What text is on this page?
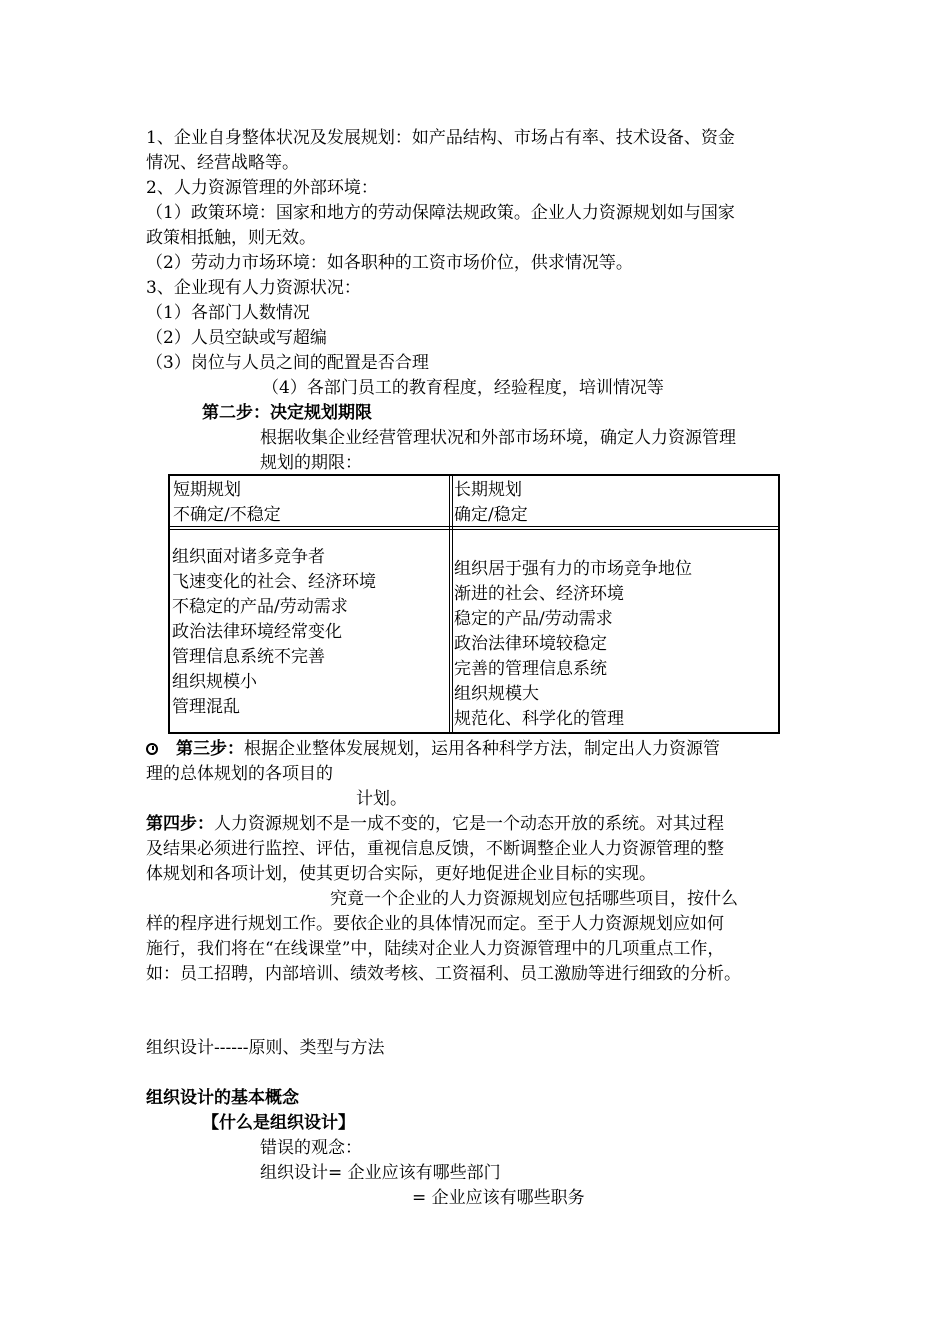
1、企业自身整体状况及发展规划：如产品结构、市场占有率、技术设备、资金
情况、经营战略等。
2、人力资源管理的外部环境：
（1）政策环境：国家和地方的劳动保障法规政策。企业人力资源规划如与国家
政策相抵触，则无效。
（2）劳动力市场环境：如各职种的工资市场价位，供求情况等。
3、企业现有人力资源状况：
（1）各部门人数情况
（2）人员空缺或写超编
（3）岗位与人员之间的配置是否合理
（4）各部门员工的教育程度，经验程度，培训情况等
第二步：决定规划期限
根据收集企业经营管理状况和外部市场环境，确定人力资源管理
规划的期限：
短期规划
不确定/不稳定
长期规划
确定/稳定
组织面对诸多竞争者
飞速变化的社会、经济环境
不稳定的产品/劳动需求
政治法律环境经常变化
管理信息系统不完善
组织规模小
管理混乱
组织居于强有力的市场竞争地位
渐进的社会、经济环境
稳定的产品/劳动需求
政治法律环境较稳定
完善的管理信息系统
组织规模大
规范化、科学化的管理
第三步：根据企业整体发展规划，运用各种科学方法，制定出人力资源管
理的总体规划的各项目的
计划。
第四步：人力资源规划不是一成不变的，它是一个动态开放的系统。对其过程
及结果必须进行监控、评估，重视信息反馈，不断调整企业人力资源管理的整
体规划和各项计划，使其更切合实际，更好地促进企业目标的实现。
究竟一个企业的人力资源规划应包括哪些项目，按什么
样的程序进行规划工作。要依企业的具体情况而定。至于人力资源规划应如何
施行，我们将在“在线课堂”中，陆续对企业人力资源管理中的几项重点工作，
如：员工招聘，内部培训、绩效考核、工资福利、员工激励等进行细致的分析。
组织设计------原则、类型与方法
组织设计的基本概念
【什么是组织设计】
错误的观念：
组织设计= 企业应该有哪些部门
= 企业应该有哪些职务
